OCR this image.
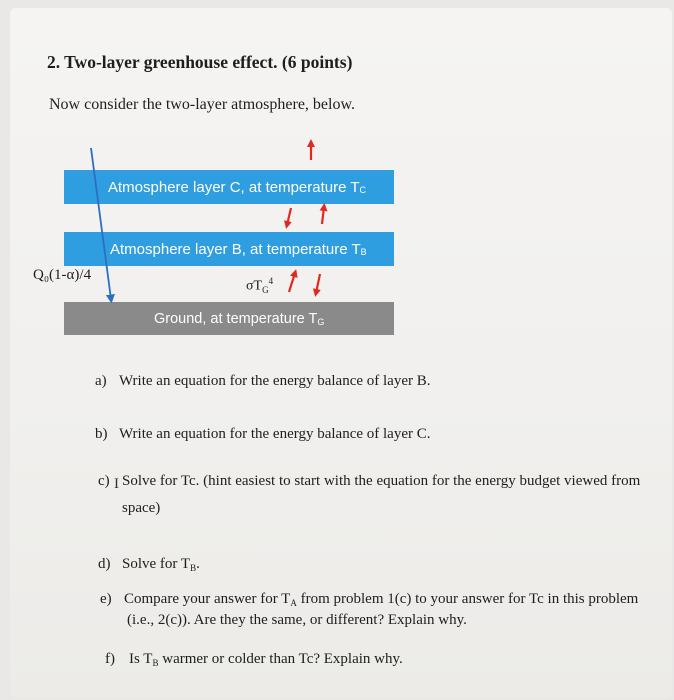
2. Two-layer greenhouse effect. (6 points)
Now consider the two-layer atmosphere, below.
Atmosphere layer C, at temperature T C
Atmosphere layer B, at temperature T B
Ground, at temperature T G
Q₀(1-α)/4
$\sigma T_G^4$
a) Write an equation for the energy balance of layer B.
b) Write an equation for the energy balance of layer C.
c) Solve for Tc. (hint easiest to start with the equation for the energy budget viewed from
I
space)
d) Solve for $T_B$.
e) Compare your answer for $T_A$ from problem 1(c) to your answer for Tc in this problem
(i.e., 2(c)). Are they the same, or different? Explain why.
f) Is $T_B$ warmer or colder than Tc? Explain why.
